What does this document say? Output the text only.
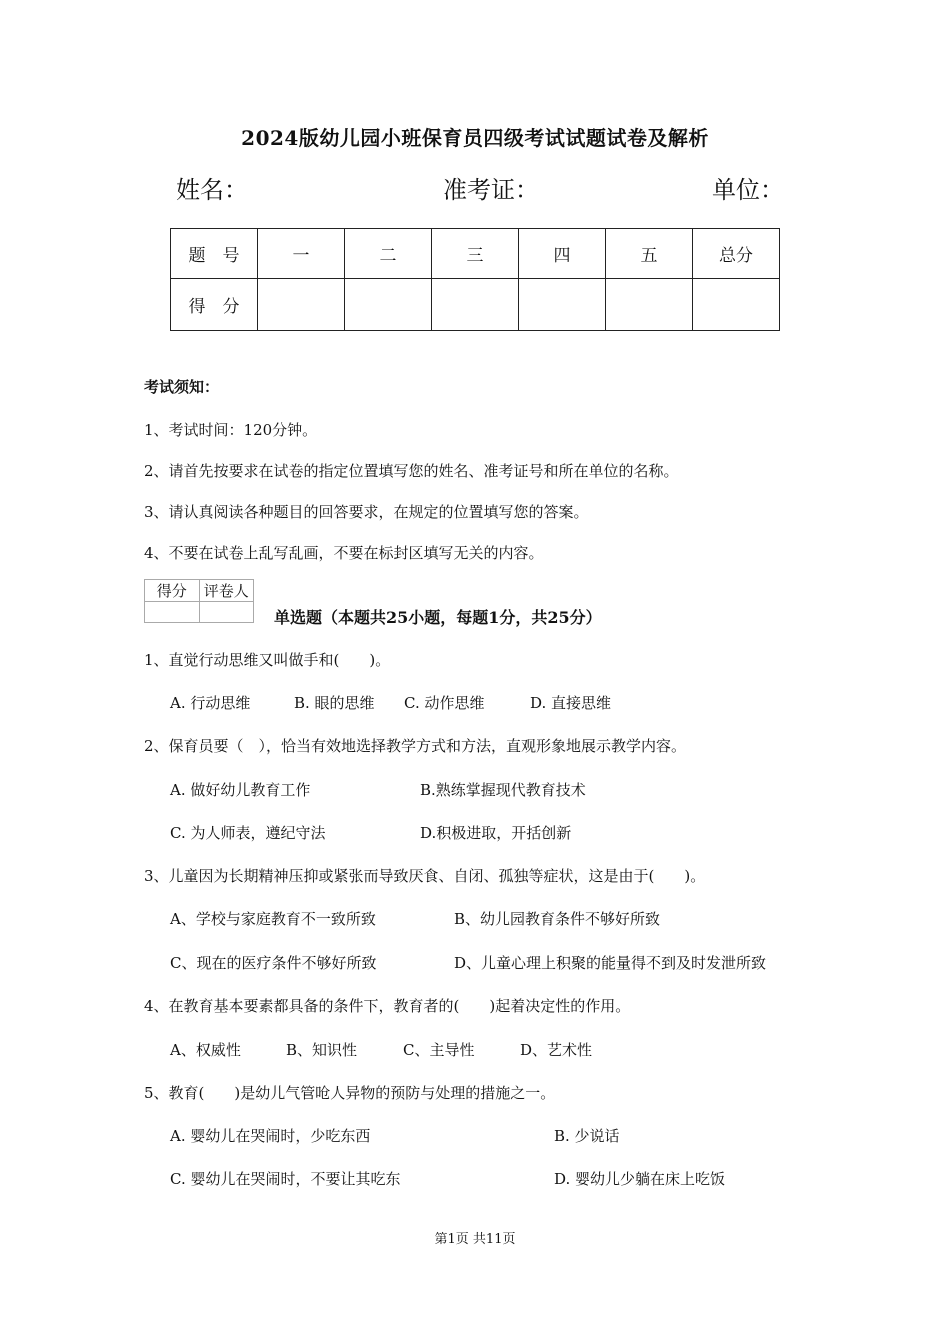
2024版幼儿园小班保育员四级考试试题试卷及解析
姓名：	准考证：	单位：
题　号	一	二	三	四	五	总分
得　分						
考试须知：
1、考试时间：120分钟。
2、请首先按要求在试卷的指定位置填写您的姓名、准考证号和所在单位的名称。
3、请认真阅读各种题目的回答要求，在规定的位置填写您的答案。
4、不要在试卷上乱写乱画，不要在标封区填写无关的内容。
得分	评卷人

单选题（本题共25小题，每题1分，共25分）
1、直觉行动思维又叫做手和(　　)。
A. 行动思维	B. 眼的思维 C. 动作思维	D. 直接思维
2、保育员要（　），恰当有效地选择教学方式和方法，直观形象地展示教学内容。
A. 做好幼儿教育工作	B.熟练掌握现代教育技术
C. 为人师表，遵纪守法	D.积极进取，开括创新
3、儿童因为长期精神压抑或紧张而导致厌食、自闭、孤独等症状，这是由于(　　)。
A、学校与家庭教育不一致所致	B、幼儿园教育条件不够好所致
C、现在的医疗条件不够好所致	D、儿童心理上积聚的能量得不到及时发泄所致
4、在教育基本要素都具备的条件下，教育者的(　　)起着决定性的作用。
A、权威性	B、知识性	C、主导性	D、艺术性
5、教育(　　)是幼儿气管呛人异物的预防与处理的措施之一。
A. 婴幼儿在哭闹时，少吃东西	B. 少说话
C. 婴幼儿在哭闹时，不要让其吃东	D. 婴幼儿少躺在床上吃饭
第1页 共11页
